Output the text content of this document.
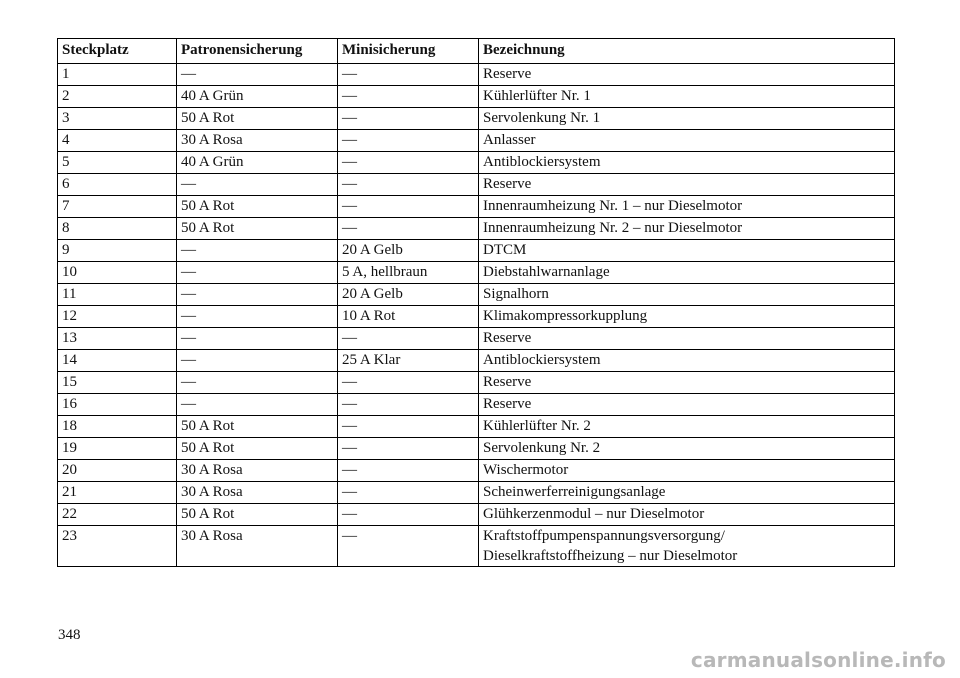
Steckplatz	Patronensicherung	Minisicherung	Bezeichnung
1	—	—	Reserve
2	40 A Grün	—	Kühlerlüfter Nr. 1
3	50 A Rot	—	Servolenkung Nr. 1
4	30 A Rosa	—	Anlasser
5	40 A Grün	—	Antiblockiersystem
6	—	—	Reserve
7	50 A Rot	—	Innenraumheizung Nr. 1 – nur Dieselmotor
8	50 A Rot	—	Innenraumheizung Nr. 2 – nur Dieselmotor
9	—	20 A Gelb	DTCM
10	—	5 A, hellbraun	Diebstahlwarnanlage
11	—	20 A Gelb	Signalhorn
12	—	10 A Rot	Klimakompressorkupplung
13	—	—	Reserve
14	—	25 A Klar	Antiblockiersystem
15	—	—	Reserve
16	—	—	Reserve
18	50 A Rot	—	Kühlerlüfter Nr. 2
19	50 A Rot	—	Servolenkung Nr. 2
20	30 A Rosa	—	Wischermotor
21	30 A Rosa	—	Scheinwerferreinigungsanlage
22	50 A Rot	—	Glühkerzenmodul – nur Dieselmotor
23	30 A Rosa	—	Kraftstoffpumpenspannungsversorgung/
Dieselkraftstoffheizung – nur Dieselmotor
348
carmanualsonline.info
